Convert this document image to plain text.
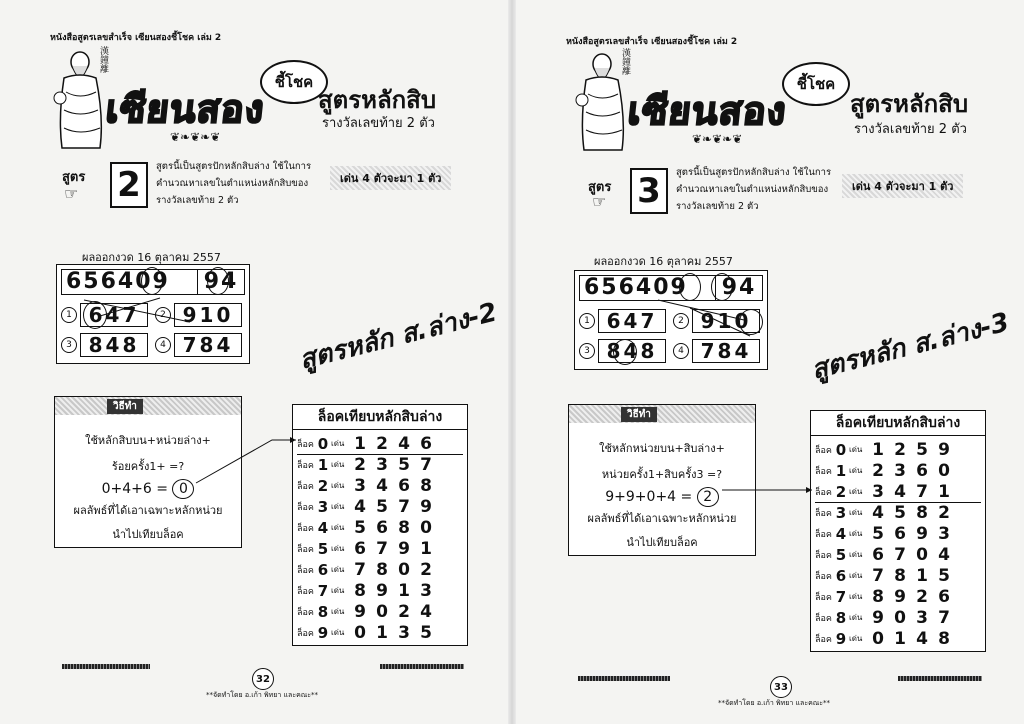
หนังสือสูตรเลขสำเร็จ เซียนสองชี้โชค เล่ม 2
漢鐘離
เซียนสอง
ชี้โชค
❦❧❦❧❦
สูตรหลักสิบ
รางวัลเลขท้าย 2 ตัว
สูตร
☞ 2	สูตรนี้เป็นสูตรปักหลักสิบล่าง ใช้ในการ
คำนวณหาเลขในตำแหน่งหลักสิบของ
รางวัลเลขท้าย 2 ตัว
เด่น 4 ตัวจะมา 1 ตัว
ผลออกงวด 16 ตุลาคม 2557
656409	94
1 647	2 910
3 848	4 784	สูตรหลัก ส.ล่าง-2
วิธีทำ
ใช้หลักสิบบน+หน่วยล่าง+
ร้อยครั้ง1+ =?
0+4+6 = 0
ผลลัพธ์ที่ได้เอาเฉพาะหลักหน่วย
นำไปเทียบล็อค
ล็อคเทียบหลักสิบล่าง
ล็อค 0 เด่น 1 2 4 6
ล็อค 1 เด่น 2 3 5 7
ล็อค 2 เด่น 3 4 6 8
ล็อค 3 เด่น 4 5 7 9
ล็อค 4 เด่น 5 6 8 0
ล็อค 5 เด่น 6 7 9 1
ล็อค 6 เด่น 7 8 0 2
ล็อค 7 เด่น 8 9 1 3
ล็อค 8 เด่น 9 0 2 4
ล็อค 9 เด่น 0 1 3 5
32
**จัดทำโดย อ.เก้า พิทยา และคณะ**
หนังสือสูตรเลขสำเร็จ เซียนสองชี้โชค เล่ม 2
漢鐘離
เซียนสอง
ชี้โชค
❦❧❦❧❦
สูตรหลักสิบ
รางวัลเลขท้าย 2 ตัว
สูตร
☞ 3	สูตรนี้เป็นสูตรปักหลักสิบล่าง ใช้ในการ
คำนวณหาเลขในตำแหน่งหลักสิบของ
รางวัลเลขท้าย 2 ตัว
เด่น 4 ตัวจะมา 1 ตัว
ผลออกงวด 16 ตุลาคม 2557
656409	94
1 647	2 910
3 848	4 784	สูตรหลัก ส.ล่าง-3
วิธีทำ
ใช้หลักหน่วยบน+สิบล่าง+
หน่วยครั้ง1+สิบครั้ง3 =?
9+9+0+4 = 2
ผลลัพธ์ที่ได้เอาเฉพาะหลักหน่วย
นำไปเทียบล็อค
ล็อคเทียบหลักสิบล่าง
ล็อค 0 เด่น 1 2 5 9
ล็อค 1 เด่น 2 3 6 0
ล็อค 2 เด่น 3 4 7 1
ล็อค 3 เด่น 4 5 8 2
ล็อค 4 เด่น 5 6 9 3
ล็อค 5 เด่น 6 7 0 4
ล็อค 6 เด่น 7 8 1 5
ล็อค 7 เด่น 8 9 2 6
ล็อค 8 เด่น 9 0 3 7
ล็อค 9 เด่น 0 1 4 8
33
**จัดทำโดย อ.เก้า พิทยา และคณะ**
